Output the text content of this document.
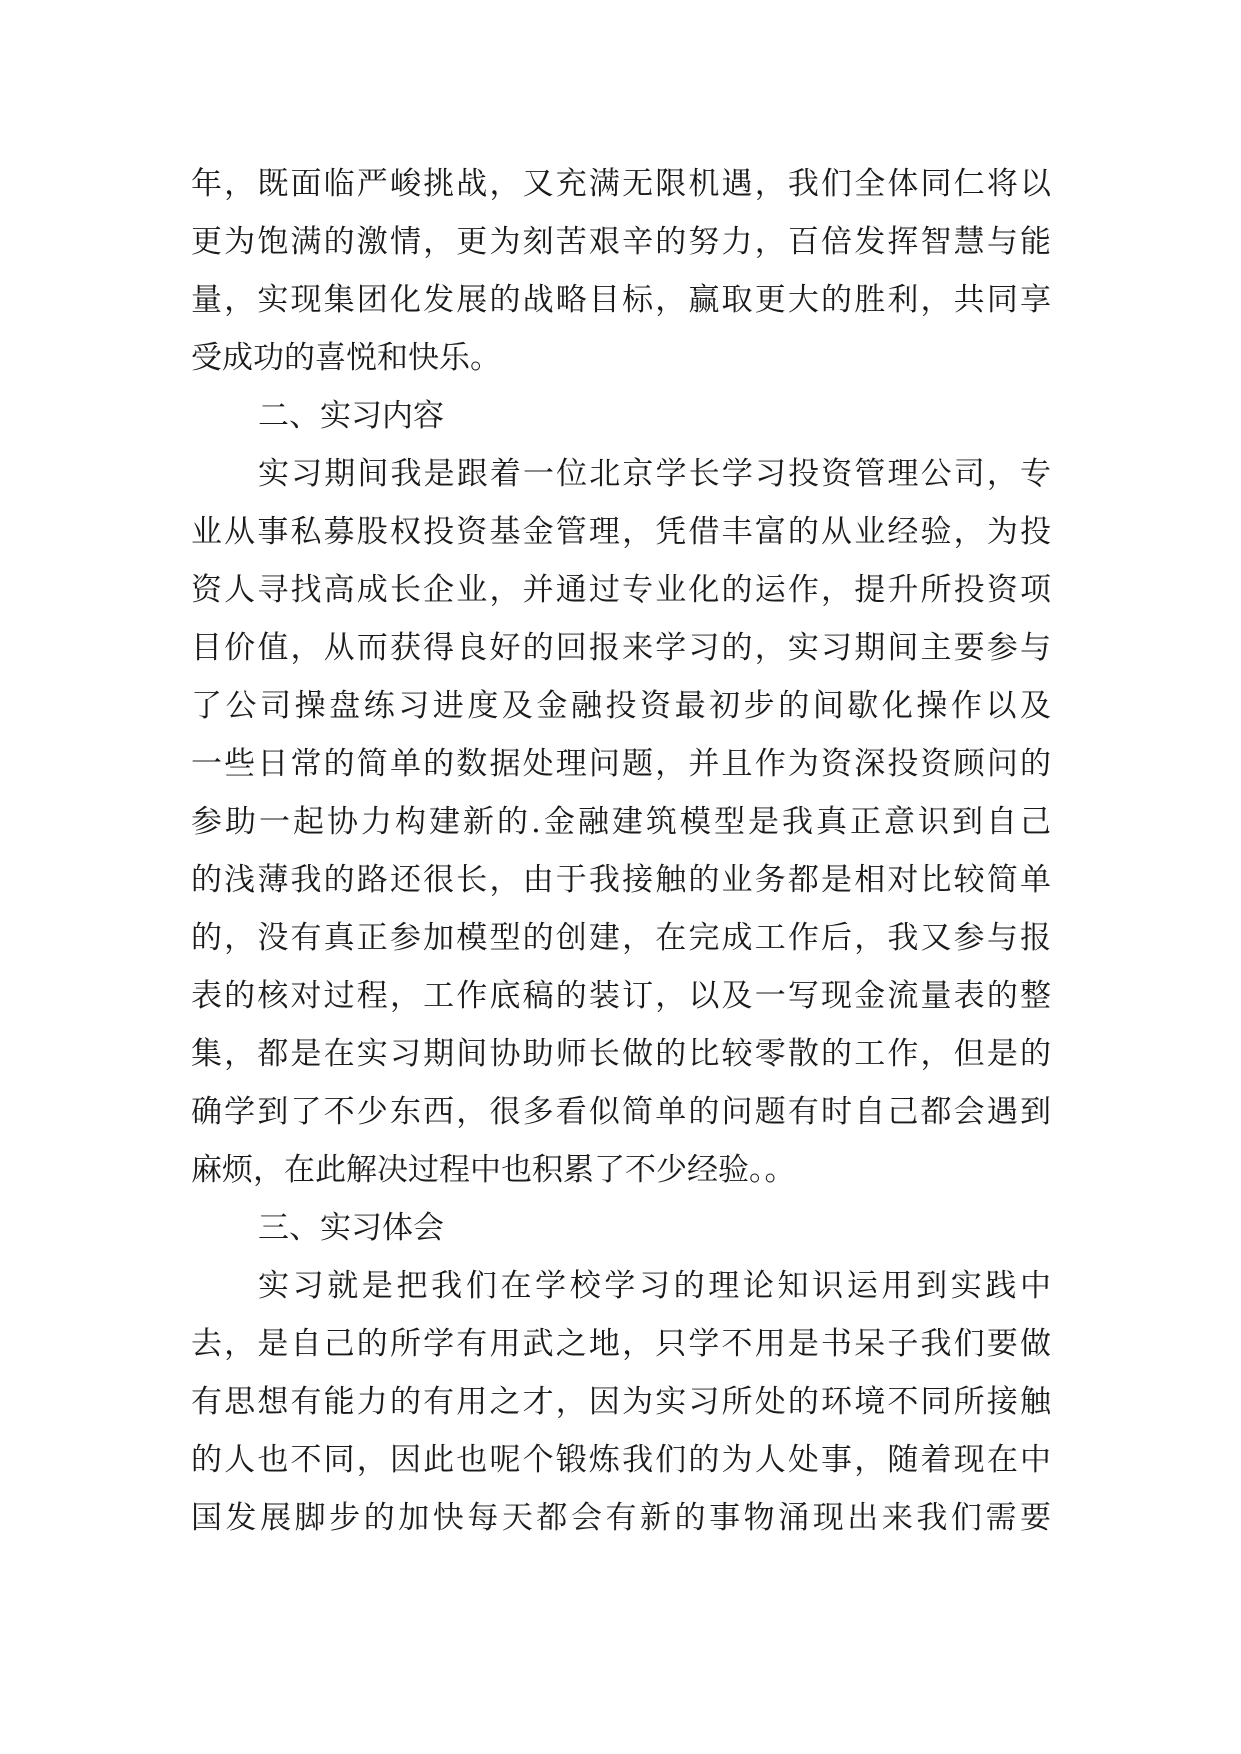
年，既面临严峻挑战，又充满无限机遇，我们全体同仁将以
更为饱满的激情，更为刻苦艰辛的努力，百倍发挥智慧与能
量，实现集团化发展的战略目标，赢取更大的胜利，共同享
受成功的喜悦和快乐。
二、实习内容
实习期间我是跟着一位北京学长学习投资管理公司，专
业从事私募股权投资基金管理，凭借丰富的从业经验，为投
资人寻找高成长企业，并通过专业化的运作，提升所投资项
目价值，从而获得良好的回报来学习的，实习期间主要参与
了公司操盘练习进度及金融投资最初步的间歇化操作以及
一些日常的简单的数据处理问题，并且作为资深投资顾问的
参助一起协力构建新的.金融建筑模型是我真正意识到自己
的浅薄我的路还很长，由于我接触的业务都是相对比较简单
的，没有真正参加模型的创建，在完成工作后，我又参与报
表的核对过程，工作底稿的装订，以及一写现金流量表的整
集，都是在实习期间协助师长做的比较零散的工作，但是的
确学到了不少东西，很多看似简单的问题有时自己都会遇到
麻烦，在此解决过程中也积累了不少经验。。
三、实习体会
实习就是把我们在学校学习的理论知识运用到实践中
去，是自己的所学有用武之地，只学不用是书呆子我们要做
有思想有能力的有用之才，因为实习所处的环境不同所接触
的人也不同，因此也呢个锻炼我们的为人处事，随着现在中
国发展脚步的加快每天都会有新的事物涌现出来我们需要
